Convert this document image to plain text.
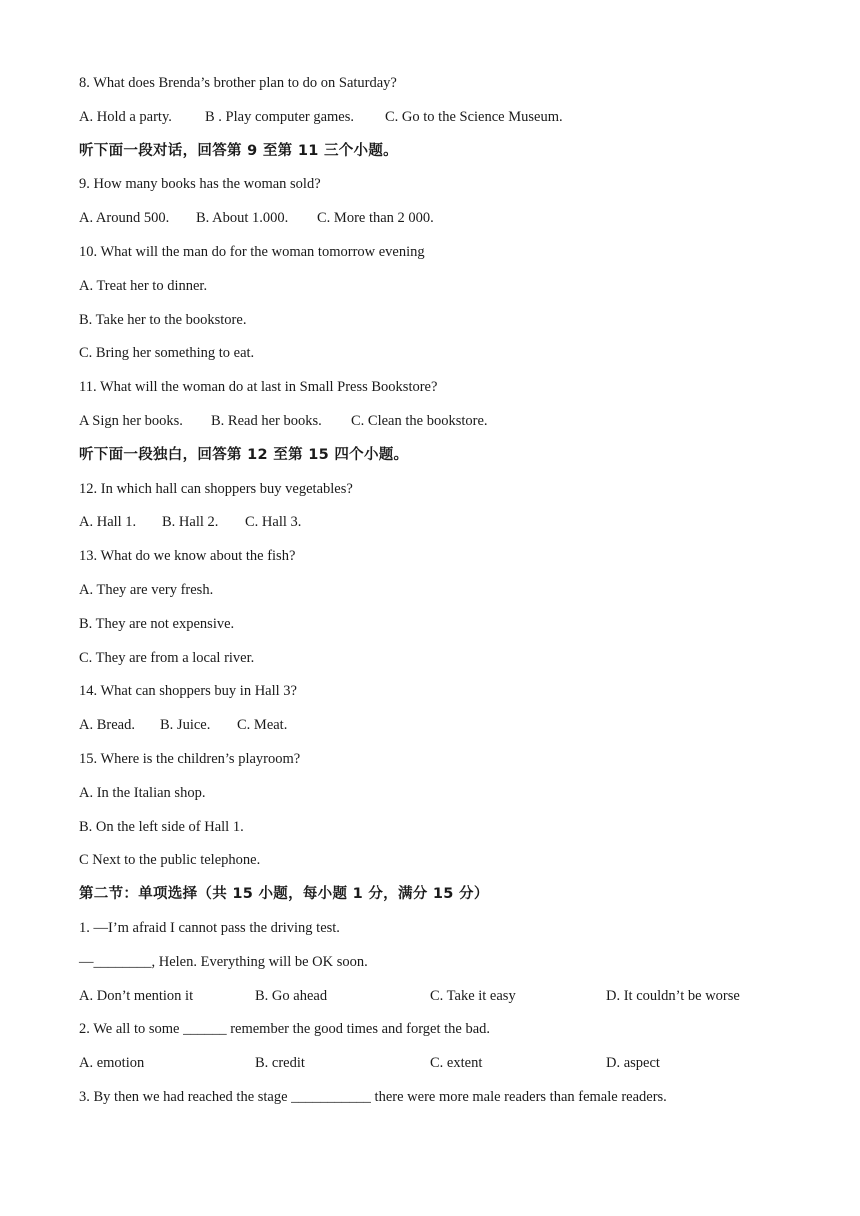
8. What does Brenda’s brother plan to do on Saturday?
A. Hold a party. B . Play computer games. C. Go to the Science Museum.
听下面一段对话，回答第 9 至第 11 三个小题。
9. How many books has the woman sold?
A. Around 500. B. About 1.000. C. More than 2 000.
10. What will the man do for the woman tomorrow evening
A. Treat her to dinner.
B. Take her to the bookstore.
C. Bring her something to eat.
11. What will the woman do at last in Small Press Bookstore?
A Sign her books. B. Read her books. C. Clean the bookstore.
听下面一段独白，回答第 12 至第 15 四个小题。
12. In which hall can shoppers buy vegetables?
A. Hall 1. B. Hall 2. C. Hall 3.
13. What do we know about the fish?
A. They are very fresh.
B. They are not expensive.
C. They are from a local river.
14. What can shoppers buy in Hall 3?
A. Bread. B. Juice. C. Meat.
15. Where is the children’s playroom?
A. In the Italian shop.
B. On the left side of Hall 1.
C Next to the public telephone.
第二节：单项选择（共 15 小题，每小题 1 分，满分 15 分）
1. —I’m afraid I cannot pass the driving test.
—________, Helen. Everything will be OK soon.
A. Don’t mention it	B. Go ahead	C. Take it easy	D. It couldn’t be worse
2. We all to some ______ remember the good times and forget the bad.
A. emotion	B. credit	C. extent	D. aspect
3. By then we had reached the stage ___________ there were more male readers than female readers.
